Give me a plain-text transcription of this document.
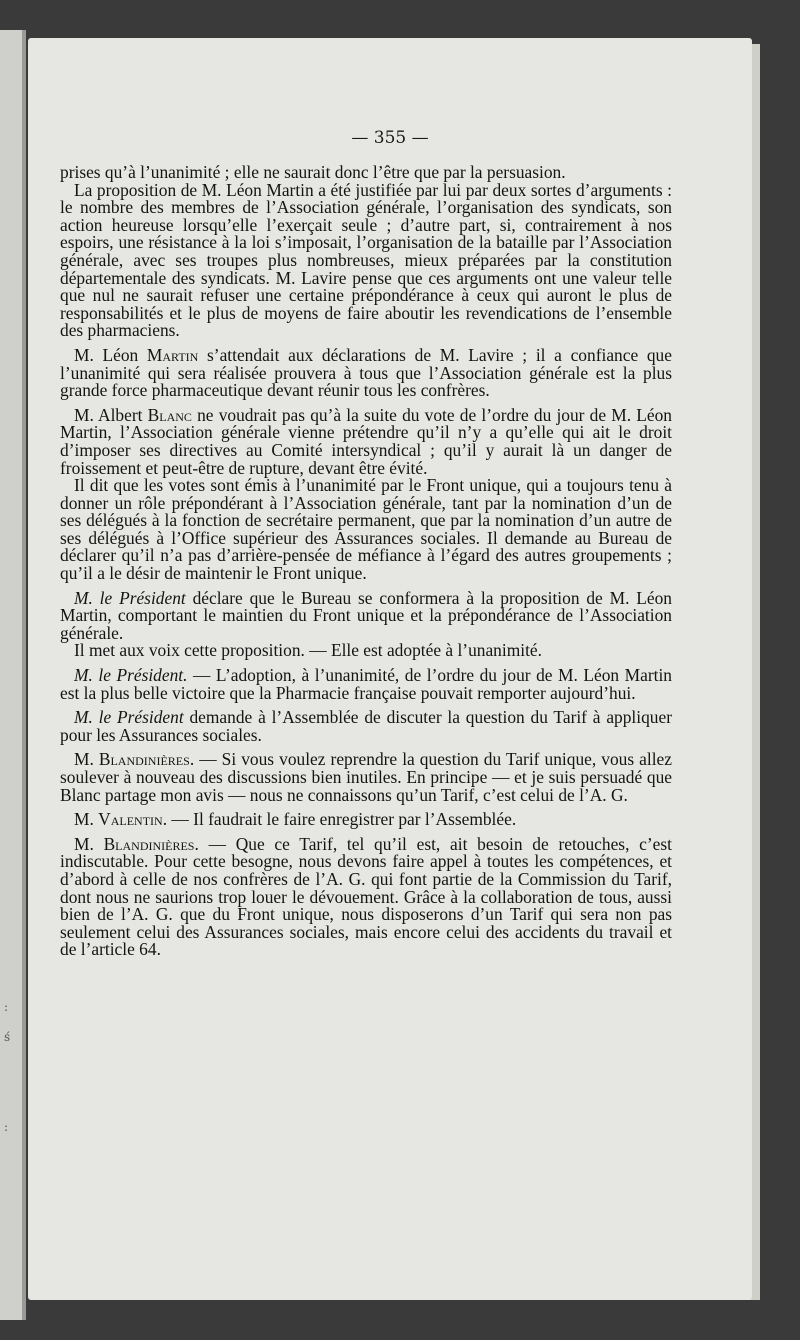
:
ś
:
— 355 —

prises qu’à l’unanimité ; elle ne saurait donc l’être que par la persuasion.

La proposition de M. Léon Martin a été justifiée par lui par deux sortes d’arguments : le nombre des membres de l’Association générale, l’organisation des syndicats, son action heureuse lorsqu’elle l’exerçait seule ; d’autre part, si, contrairement à nos espoirs, une résistance à la loi s’imposait, l’organisation de la bataille par l’Association générale, avec ses troupes plus nombreuses, mieux préparées par la constitution départementale des syndicats. M. Lavire pense que ces arguments ont une valeur telle que nul ne saurait refuser une certaine prépondérance à ceux qui auront le plus de responsabilités et le plus de moyens de faire aboutir les revendications de l’ensemble des pharmaciens.

M. Léon Martin s’attendait aux déclarations de M. Lavire ; il a confiance que l’unanimité qui sera réalisée prouvera à tous que l’Association générale est la plus grande force pharmaceutique devant réunir tous les confrères.

M. Albert Blanc ne voudrait pas qu’à la suite du vote de l’ordre du jour de M. Léon Martin, l’Association générale vienne prétendre qu’il n’y a qu’elle qui ait le droit d’imposer ses directives au Comité intersyndical ; qu’il y aurait là un danger de froissement et peut-être de rupture, devant être évité.

Il dit que les votes sont émis à l’unanimité par le Front unique, qui a toujours tenu à donner un rôle prépondérant à l’Association générale, tant par la nomination d’un de ses délégués à la fonction de secrétaire permanent, que par la nomination d’un autre de ses délégués à l’Office supérieur des Assurances sociales. Il demande au Bureau de déclarer qu’il n’a pas d’arrière-pensée de méfiance à l’égard des autres groupements ; qu’il a le désir de maintenir le Front unique.

M. le Président déclare que le Bureau se conformera à la proposition de M. Léon Martin, comportant le maintien du Front unique et la prépondérance de l’Association générale.

Il met aux voix cette proposition. — Elle est adoptée à l’unanimité.

M. le Président. — L’adoption, à l’unanimité, de l’ordre du jour de M. Léon Martin est la plus belle victoire que la Pharmacie française pouvait remporter aujourd’hui.

M. le Président demande à l’Assemblée de discuter la question du Tarif à appliquer pour les Assurances sociales.

M. Blandinières. — Si vous voulez reprendre la question du Tarif unique, vous allez soulever à nouveau des discussions bien inutiles. En principe — et je suis persuadé que Blanc partage mon avis — nous ne connaissons qu’un Tarif, c’est celui de l’A. G.

M. Valentin. — Il faudrait le faire enregistrer par l’Assemblée.

M. Blandinières. — Que ce Tarif, tel qu’il est, ait besoin de retouches, c’est indiscutable. Pour cette besogne, nous devons faire appel à toutes les compétences, et d’abord à celle de nos confrères de l’A. G. qui font partie de la Commission du Tarif, dont nous ne saurions trop louer le dévouement. Grâce à la collaboration de tous, aussi bien de l’A. G. que du Front unique, nous disposerons d’un Tarif qui sera non pas seulement celui des Assurances sociales, mais encore celui des accidents du travail et de l’article 64.
